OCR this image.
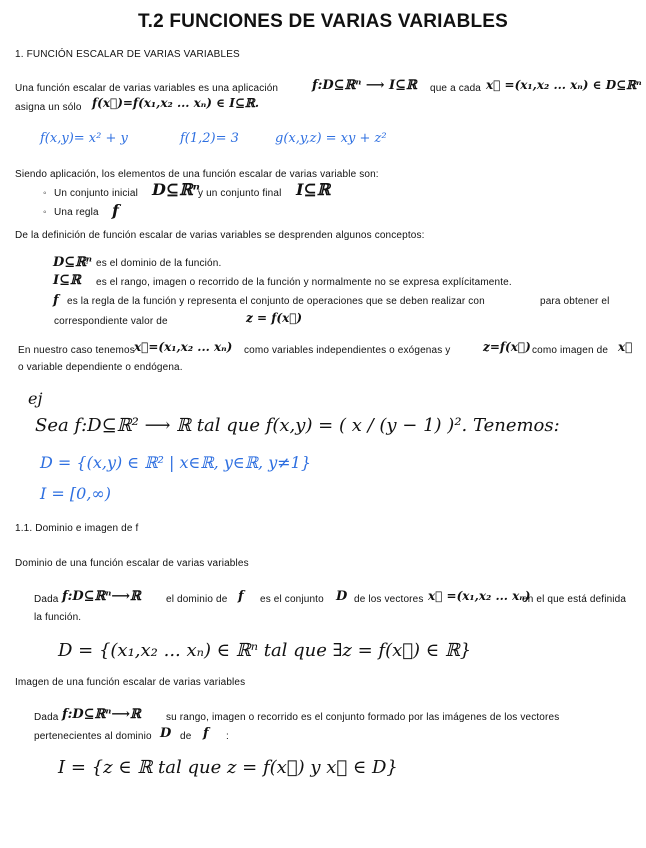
T.2 FUNCIONES DE VARIAS VARIABLES
1. FUNCIÓN ESCALAR DE VARIAS VARIABLES
Una función escalar de varias variables es una aplicación	f:D⊆ℝⁿ ⟶ I⊆ℝ que a cada x⃗ =(x₁,x₂ ... xₙ) ∈ D⊆ℝⁿ
asigna un sólo f(x⃗)=f(x₁,x₂ ... xₙ) ∈ I⊆ℝ.
f(x,y)= x² + y	f(1,2)= 3	g(x,y,z) = xy + z²
Siendo aplicación, los elementos de una función escalar de varias variable son:
◦ Un conjunto inicial D⊆ℝⁿ
y un conjunto final I⊆ℝ
◦ Una regla f
De la definición de función escalar de varias variables se desprenden algunos conceptos:
D⊆ℝⁿ
◦ es el dominio de la función.
I⊆ℝ es el rango, imagen o recorrido de la función y normalmente no se expresa explícitamente.
f es la regla de la función y representa el conjunto de operaciones que se deben realizar con	para obtener el
correspondiente valor de	z = f(x⃗)
En nuestro caso tenemos x⃗=(x₁,x₂ ... xₙ) como variables independientes o exógenas y	z=f(x⃗) como imagen de x⃗
o variable dependiente o endógena.
ej
Sea f:D⊆ℝ² ⟶ ℝ tal que f(x,y) = ( x / (y − 1) )². Tenemos:
D = {(x,y) ∈ ℝ² | x∈ℝ, y∈ℝ, y≠1}
I = [0,∞)
1.1. Dominio e imagen de f
Dominio de una función escalar de varias variables
Dada f:D⊆ℝⁿ⟶ℝ	el dominio de f es el conjunto D de los vectores x⃗ =(x₁,x₂ ... xₙ)
en el que está definida
la función.
D = {(x₁,x₂ ... xₙ) ∈ ℝⁿ tal que ∃z = f(x⃗) ∈ ℝ}
Imagen de una función escalar de varias variables
Dada f:D⊆ℝⁿ⟶ℝ	su rango, imagen o recorrido es el conjunto formado por las imágenes de los vectores
pertenecientes al dominio D de f :
I = {z ∈ ℝ tal que z = f(x⃗) y x⃗ ∈ D}
